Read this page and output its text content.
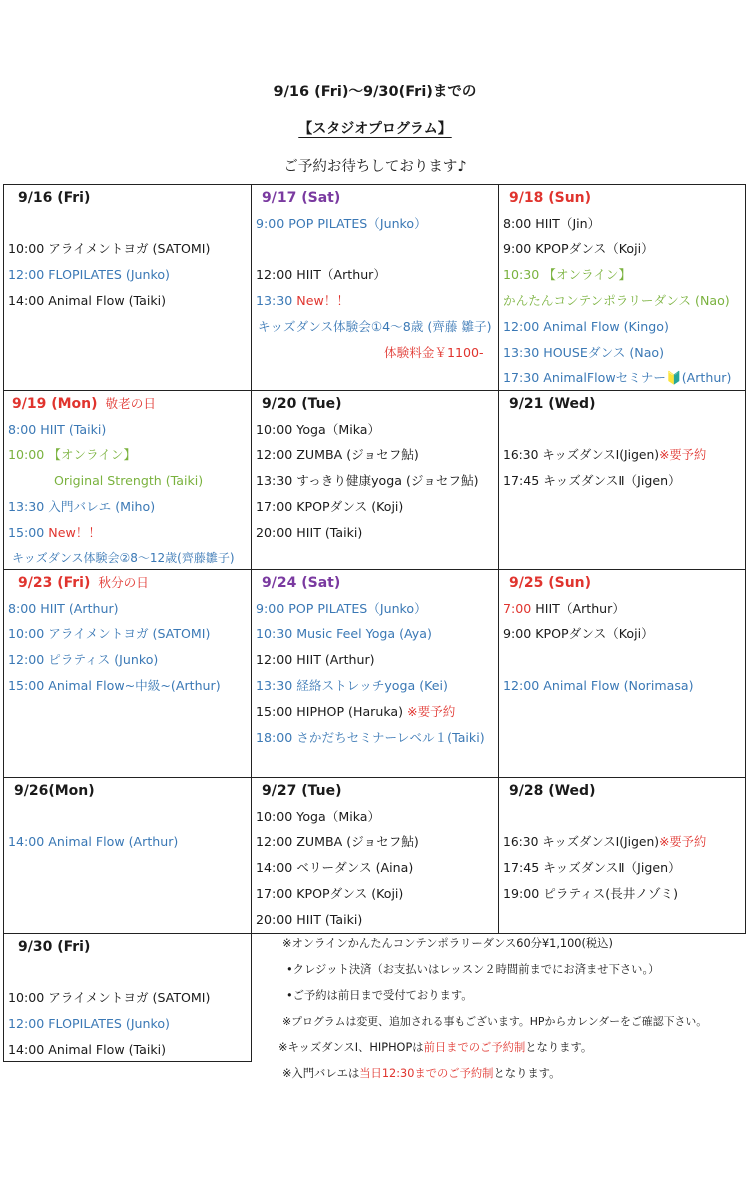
9/16 (Fri)～9/30(Fri)までの
【スタジオプログラム】
ご予約お待ちしております♪
9/16 (Fri)
10:00 アライメントヨガ (SATOMI)
12:00 FLOPILATES (Junko)
14:00 Animal Flow (Taiki)
9/17 (Sat)
9:00 POP PILATES（Junko）
12:00 HIIT（Arthur）
13:30 New！！
キッズダンス体験会①4～8歳 (齊藤 雛子)
体験料金￥1100-
9/18 (Sun)
8:00 HIIT（Jin）
9:00 KPOPダンス（Koji）
10:30 【オンライン】
かんたんコンテンポラリーダンス (Nao)
12:00 Animal Flow (Kingo)
13:30 HOUSEダンス (Nao)
17:30 AnimalFlowセミナー🔰(Arthur)
9/19 (Mon) 敬老の日
8:00 HIIT (Taiki)
10:00 【オンライン】
Original Strength (Taiki)
13:30 入門バレエ (Miho)
15:00 New！！
キッズダンス体験会②8～12歳(齊藤雛子)
9/20 (Tue)
10:00 Yoga（Mika）
12:00 ZUMBA (ジョセフ鮎)
13:30 すっきり健康yoga (ジョセフ鮎)
17:00 KPOPダンス (Koji)
20:00 HIIT (Taiki)
9/21 (Wed)
16:30 キッズダンスⅠ(Jigen)※要予約
17:45 キッズダンスⅡ（Jigen）
9/23 (Fri) 秋分の日
8:00 HIIT (Arthur)
10:00 アライメントヨガ (SATOMI)
12:00 ピラティス (Junko)
15:00 Animal Flow~中級~(Arthur)
9/24 (Sat)
9:00 POP PILATES（Junko）
10:30 Music Feel Yoga (Aya)
12:00 HIIT (Arthur)
13:30 経絡ストレッチyoga (Kei)
15:00 HIPHOP (Haruka) ※要予約
18:00 さかだちセミナーレベル１(Taiki)
9/25 (Sun)
7:00 HIIT（Arthur）
9:00 KPOPダンス（Koji）
12:00 Animal Flow (Norimasa)
9/26(Mon)
14:00 Animal Flow (Arthur)
9/27 (Tue)
10:00 Yoga（Mika）
12:00 ZUMBA (ジョセフ鮎)
14:00 ベリーダンス (Aina)
17:00 KPOPダンス (Koji)
20:00 HIIT (Taiki)
9/28 (Wed)
16:30 キッズダンスⅠ(Jigen)※要予約
17:45 キッズダンスⅡ（Jigen）
19:00 ピラティス(長井ノゾミ)
9/30 (Fri)
10:00 アライメントヨガ (SATOMI)
12:00 FLOPILATES (Junko)
14:00 Animal Flow (Taiki)
※オンラインかんたんコンテンポラリーダンス60分¥1,100(税込)
•クレジット決済（お支払いはレッスン２時間前までにお済ませ下さい。）
•ご予約は前日まで受付ております。
※プログラムは変更、追加される事もございます。HPからカレンダーをご確認下さい。
※キッズダンスⅠ、HIPHOPは前日までのご予約制となります。
※入門バレエは当日12:30までのご予約制となります。
